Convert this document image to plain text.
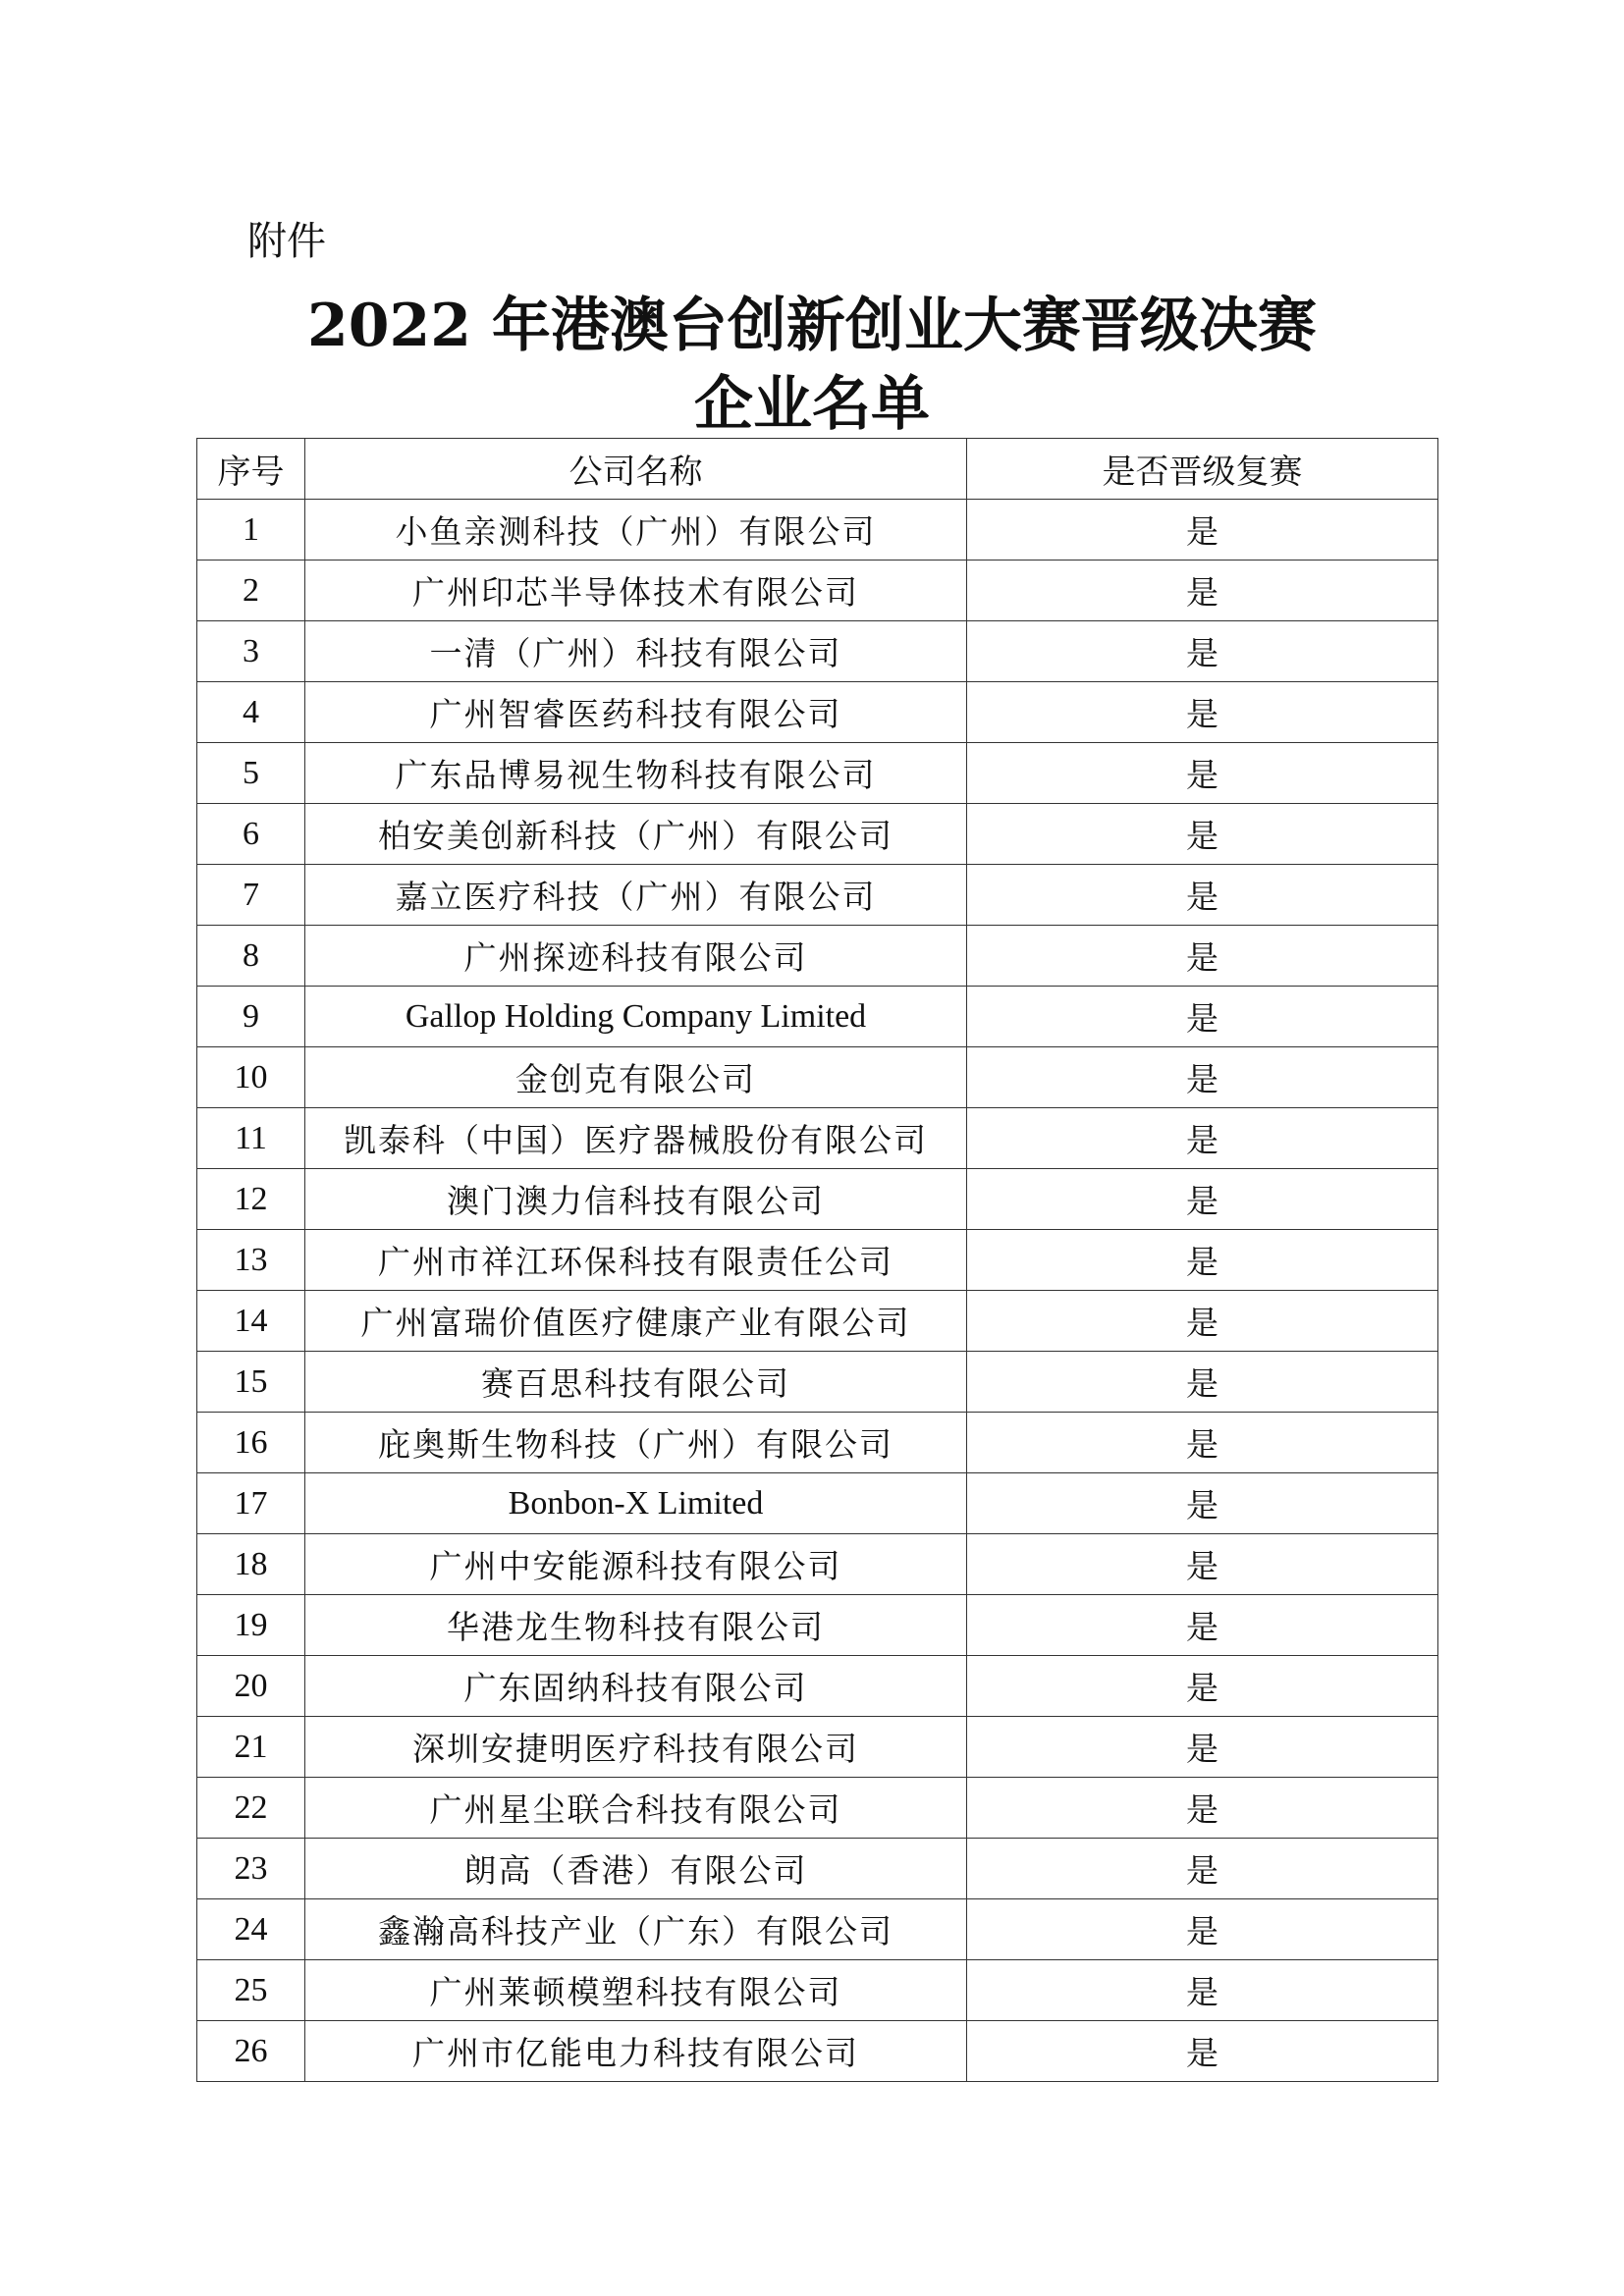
附件
2022 年港澳台创新创业大赛晋级决赛
企业名单
序号	公司名称	是否晋级复赛
1	小鱼亲测科技（广州）有限公司	是
2	广州印芯半导体技术有限公司	是
3	一清（广州）科技有限公司	是
4	广州智睿医药科技有限公司	是
5	广东品博易视生物科技有限公司	是
6	柏安美创新科技（广州）有限公司	是
7	嘉立医疗科技（广州）有限公司	是
8	广州探迹科技有限公司	是
9	Gallop Holding Company Limited	是
10	金创克有限公司	是
11	凯泰科（中国）医疗器械股份有限公司	是
12	澳门澳力信科技有限公司	是
13	广州市祥江环保科技有限责任公司	是
14	广州富瑞价值医疗健康产业有限公司	是
15	赛百思科技有限公司	是
16	庇奥斯生物科技（广州）有限公司	是
17	Bonbon-X Limited	是
18	广州中安能源科技有限公司	是
19	华港龙生物科技有限公司	是
20	广东固纳科技有限公司	是
21	深圳安捷明医疗科技有限公司	是
22	广州星尘联合科技有限公司	是
23	朗高（香港）有限公司	是
24	鑫瀚高科技产业（广东）有限公司	是
25	广州莱顿模塑科技有限公司	是
26	广州市亿能电力科技有限公司	是
